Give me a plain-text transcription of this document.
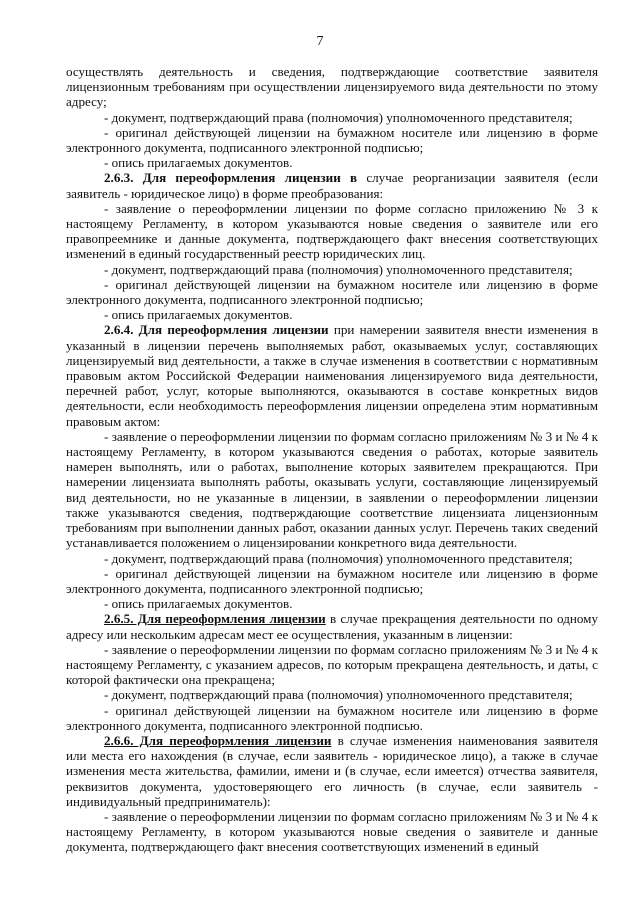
7

осуществлять деятельность и сведения, подтверждающие соответствие заявителя лицензионным требованиям при осуществлении лицензируемого вида деятельности по этому адресу;

- документ, подтверждающий права (полномочия) уполномоченного представителя;

- оригинал действующей лицензии на бумажном носителе или лицензию в форме электронного документа, подписанного электронной подписью;

- опись прилагаемых документов.

2.6.3. Для переоформления лицензии в случае реорганизации заявителя (если заявитель - юридическое лицо) в форме преобразования:

- заявление о переоформлении лицензии по форме согласно приложению № 3 к настоящему Регламенту, в котором указываются новые сведения о заявителе или его правопреемнике и данные документа, подтверждающего факт внесения соответствующих изменений в единый государственный реестр юридических лиц.

- документ, подтверждающий права (полномочия) уполномоченного представителя;

- оригинал действующей лицензии на бумажном носителе или лицензию в форме электронного документа, подписанного электронной подписью;

- опись прилагаемых документов.

2.6.4. Для переоформления лицензии при намерении заявителя внести изменения в указанный в лицензии перечень выполняемых работ, оказываемых услуг, составляющих лицензируемый вид деятельности, а также в случае изменения в соответствии с нормативным правовым актом Российской Федерации наименования лицензируемого вида деятельности, перечней работ, услуг, которые выполняются, оказываются в составе конкретных видов деятельности, если необходимость переоформления лицензии определена этим нормативным правовым актом:

- заявление о переоформлении лицензии по формам согласно приложениям № 3 и № 4 к настоящему Регламенту, в котором указываются сведения о работах, которые заявитель намерен выполнять, или о работах, выполнение которых заявителем прекращаются. При намерении лицензиата выполнять работы, оказывать услуги, составляющие лицензируемый вид деятельности, но не указанные в лицензии, в заявлении о переоформлении лицензии также указываются сведения, подтверждающие соответствие лицензиата лицензионным требованиям при выполнении данных работ, оказании данных услуг. Перечень таких сведений устанавливается положением о лицензировании конкретного вида деятельности.

- документ, подтверждающий права (полномочия) уполномоченного представителя;

- оригинал действующей лицензии на бумажном носителе или лицензию в форме электронного документа, подписанного электронной подписью;

- опись прилагаемых документов.

2.6.5. Для переоформления лицензии в случае прекращения деятельности по одному адресу или нескольким адресам мест ее осуществления, указанным в лицензии:

- заявление о переоформлении лицензии по формам согласно приложениям № 3 и № 4 к настоящему Регламенту, с указанием адресов, по которым прекращена деятельность, и даты, с которой фактически она прекращена;

- документ, подтверждающий права (полномочия) уполномоченного представителя;

- оригинал действующей лицензии на бумажном носителе или лицензию в форме электронного документа, подписанного электронной подписью.

2.6.6. Для переоформления лицензии в случае изменения наименования заявителя или места его нахождения (в случае, если заявитель - юридическое лицо), а также в случае изменения места жительства, фамилии, имени и (в случае, если имеется) отчества заявителя, реквизитов документа, удостоверяющего его личность (в случае, если заявитель - индивидуальный предприниматель):

- заявление о переоформлении лицензии по формам согласно приложениям № 3 и № 4 к настоящему Регламенту, в котором указываются новые сведения о заявителе и данные документа, подтверждающего факт внесения соответствующих изменений в единый
